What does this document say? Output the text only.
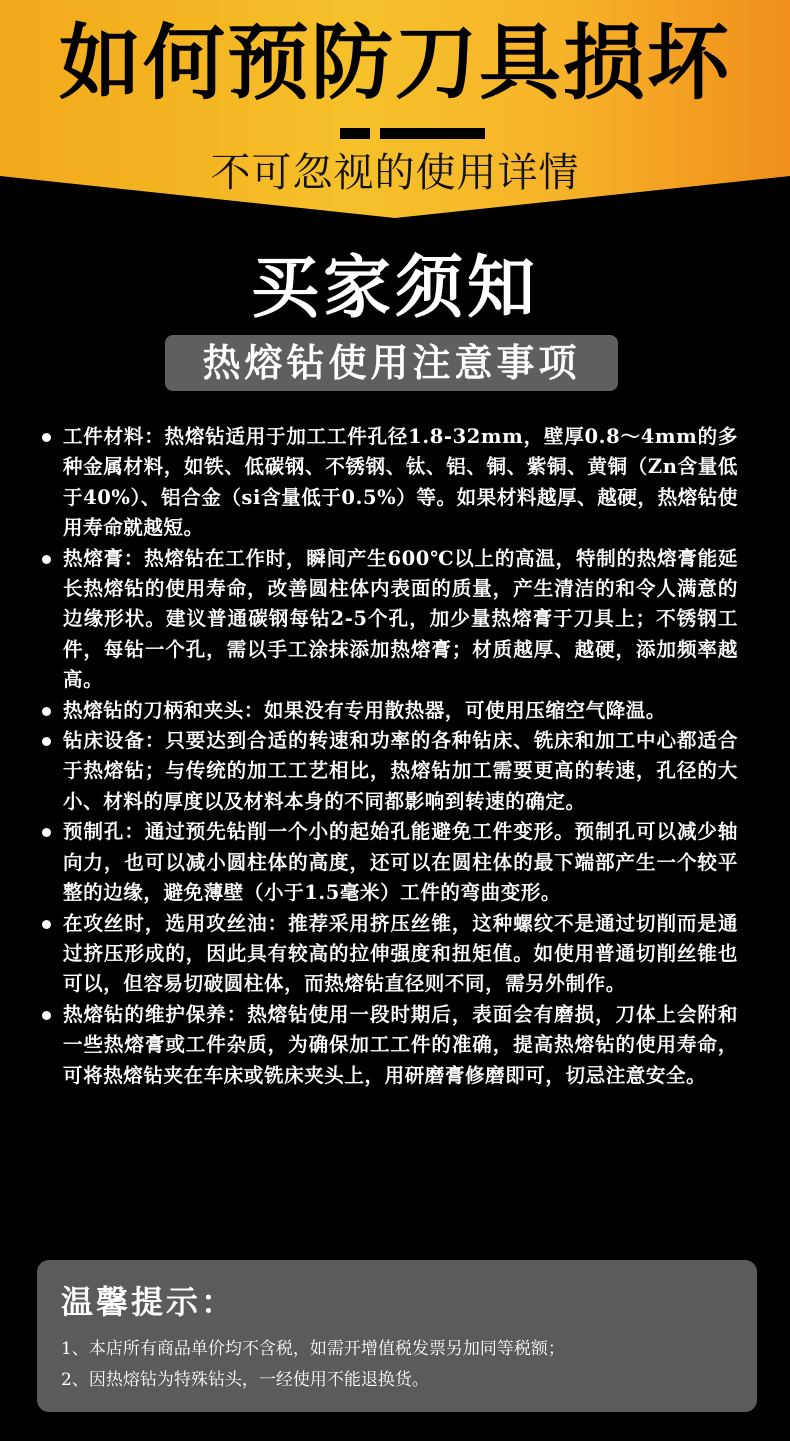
如何预防刀具损坏
不可忽视的使用详情
买家须知
热熔钻使用注意事项
工件材料：热熔钻适用于加工工件孔径1.8-32mm，壁厚0.8～4mm的多种金属材料，如铁、低碳钢、不锈钢、钛、铝、铜、紫铜、黄铜（Zn含量低于40%）、铝合金（si含量低于0.5%）等。如果材料越厚、越硬，热熔钻使用寿命就越短。
热熔膏：热熔钻在工作时，瞬间产生600℃以上的高温，特制的热熔膏能延长热熔钻的使用寿命，改善圆柱体内表面的质量，产生清洁的和令人满意的边缘形状。建议普通碳钢每钻2-5个孔，加少量热熔膏于刀具上；不锈钢工件，每钻一个孔，需以手工涂抹添加热熔膏；材质越厚、越硬，添加频率越高。
热熔钻的刀柄和夹头：如果没有专用散热器，可使用压缩空气降温。
钻床设备：只要达到合适的转速和功率的各种钻床、铣床和加工中心都适合于热熔钻；与传统的加工工艺相比，热熔钻加工需要更高的转速，孔径的大小、材料的厚度以及材料本身的不同都影响到转速的确定。
预制孔：通过预先钻削一个小的起始孔能避免工件变形。预制孔可以减少轴向力，也可以减小圆柱体的高度，还可以在圆柱体的最下端部产生一个较平整的边缘，避免薄壁（小于1.5毫米）工件的弯曲变形。
在攻丝时，选用攻丝油：推荐采用挤压丝锥，这种螺纹不是通过切削而是通过挤压形成的，因此具有较高的拉伸强度和扭矩值。如使用普通切削丝锥也可以，但容易切破圆柱体，而热熔钻直径则不同，需另外制作。
热熔钻的维护保养：热熔钻使用一段时期后，表面会有磨损，刀体上会附和一些热熔膏或工件杂质，为确保加工工件的准确，提高热熔钻的使用寿命，可将热熔钻夹在车床或铣床夹头上，用研磨膏修磨即可，切忌注意安全。
温馨提示：
1、本店所有商品单价均不含税，如需开增值税发票另加同等税额；
2、因热熔钻为特殊钻头，一经使用不能退换货。
